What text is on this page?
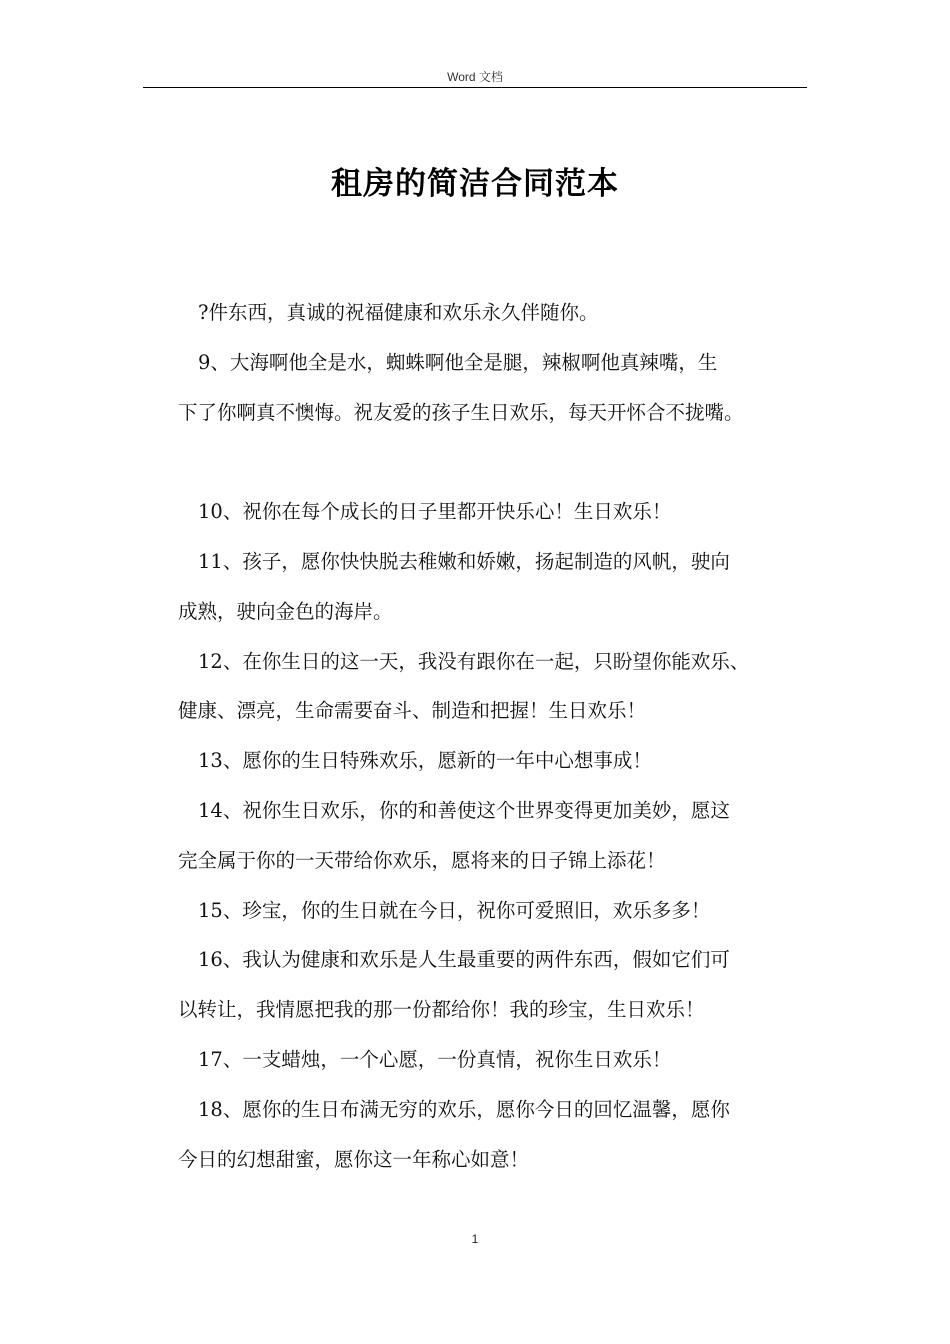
Word 文档
租房的简洁合同范本
?件东西，真诚的祝福健康和欢乐永久伴随你。
9、大海啊他全是水，蜘蛛啊他全是腿，辣椒啊他真辣嘴，生
下了你啊真不懊悔。祝友爱的孩子生日欢乐，每天开怀合不拢嘴。
10、祝你在每个成长的日子里都开快乐心！生日欢乐！
11、孩子，愿你快快脱去稚嫩和娇嫩，扬起制造的风帆，驶向
成熟，驶向金色的海岸。
12、在你生日的这一天，我没有跟你在一起，只盼望你能欢乐、
健康、漂亮，生命需要奋斗、制造和把握！生日欢乐！
13、愿你的生日特殊欢乐，愿新的一年中心想事成！
14、祝你生日欢乐，你的和善使这个世界变得更加美妙，愿这
完全属于你的一天带给你欢乐，愿将来的日子锦上添花！
15、珍宝，你的生日就在今日，祝你可爱照旧，欢乐多多！
16、我认为健康和欢乐是人生最重要的两件东西，假如它们可
以转让，我情愿把我的那一份都给你！我的珍宝，生日欢乐！
17、一支蜡烛，一个心愿，一份真情，祝你生日欢乐！
18、愿你的生日布满无穷的欢乐，愿你今日的回忆温馨，愿你
今日的幻想甜蜜，愿你这一年称心如意！
1
